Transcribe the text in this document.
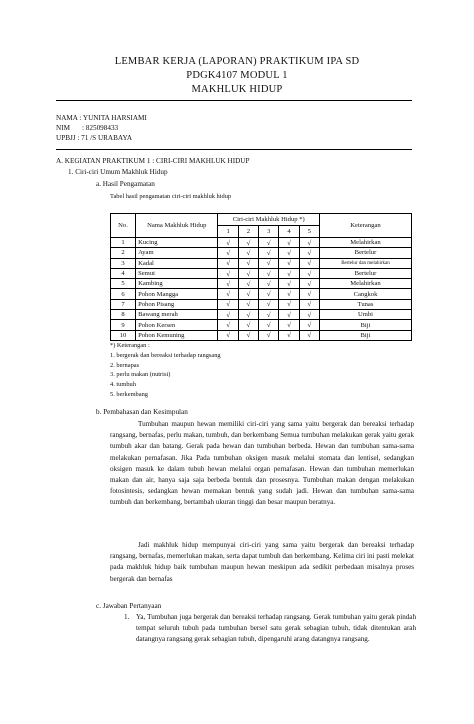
LEMBAR KERJA (LAPORAN) PRAKTIKUM IPA SD
PDGK4107 MODUL 1
MAKHLUK HIDUP
NAMA : YUNITA HARSIAMI
NIM : 825098433
UPBJJ : 71 /S URABAYA
A. KEGIATAN PRAKTIKUM 1 : CIRI-CIRI MAKHLUK HIDUP
1. Ciri-ciri Umum Makhluk Hidup
a. Hasil Pengamatan
Tabel hasil pengamatan ciri-ciri makhluk hidup
No.	Nama Makhluk Hidup	Ciri-ciri Makhluk Hidup *)					Keterangan
		1	2	3	4	5	
1	Kucing	√	√	√	√	√	Melahirkan
2	Ayam	√	√	√	√	√	Bertelur
3	Kadal	√	√	√	√	√	Bertelur dan melahirkan
4	Semut	√	√	√	√	√	Bertelur
5	Kambing	√	√	√	√	√	Melahirkan
6	Pohon Mangga	√	√	√	√	√	Cangkok
7	Pohon Pisang	√	√	√	√	√	Tunas
8	Bawang merah	√	√	√	√	√	Umbi
9	Pohon Kersen	√	√	√	√	√	Biji
10	Pohon Kemuning	√	√	√	√	√	Biji
*) Keterangan :
1. bergerak dan bereaksi terhadap rangsang
2. bernapas
3. perlu makan (nutrisi)
4. tumbuh
5. berkembang
b. Pembahasan dan Kesimpulan
Tumbuhan maupun hewan memiliki ciri-ciri yang sama yaitu bergerak dan bereaksi terhadap rangsang, bernafas, perlu makan, tumbuh, dan berkembang Semua tumbuhan melakukan gerak yaitu gerak tumbuh akar dan batang. Gerak pada hewan dan tumbuhan berbeda. Hewan dan tumbuhan sama-sama melakukan pernafasan. Jika Pada tumbuhan oksigen masuk melalui stomata dan lentisel, sedangkan oksigen masuk ke dalam tubuh hewan melalui organ pernafasan. Hewan dan tumbuhan memerlukan makan dan air, hanya saja saja berbeda bentuk dan prosesnya. Tumbuhan makan dengan melakukan fotosintesis, sedangkan hewan memakan bentuk yang sudah jadi. Hewan dan tumbuhan sama-sama tumbuh dan berkembang, bertambah ukuran tinggi dan besar maupun beratnya.
Jadi makhluk hidup mempunyai ciri-ciri yang sama yaitu bergerak dan bereaksi terhadap rangsang, bernafas, memerlukan makan, serta dapat tumbuh dan berkembang. Kelima ciri ini pasti melekat pada makhluk hidup baik tumbuhan maupun hewan meskipun ada sedikit perbedaan misalnya proses bergerak dan bernafas
c. Jawaban Pertanyaan
1. Ya, Tumbuhan juga bergerak dan bereaksi terhadap rangsang. Gerak tumbuhan yaitu gerak pindah tempat seluruh tubuh pada tumbuhan bersel satu gerak sebagian tubuh, tidak ditentukan arah datangnya rangsang gerak sebagian tubuh, dipengaruhi arang datangnya rangsang.
